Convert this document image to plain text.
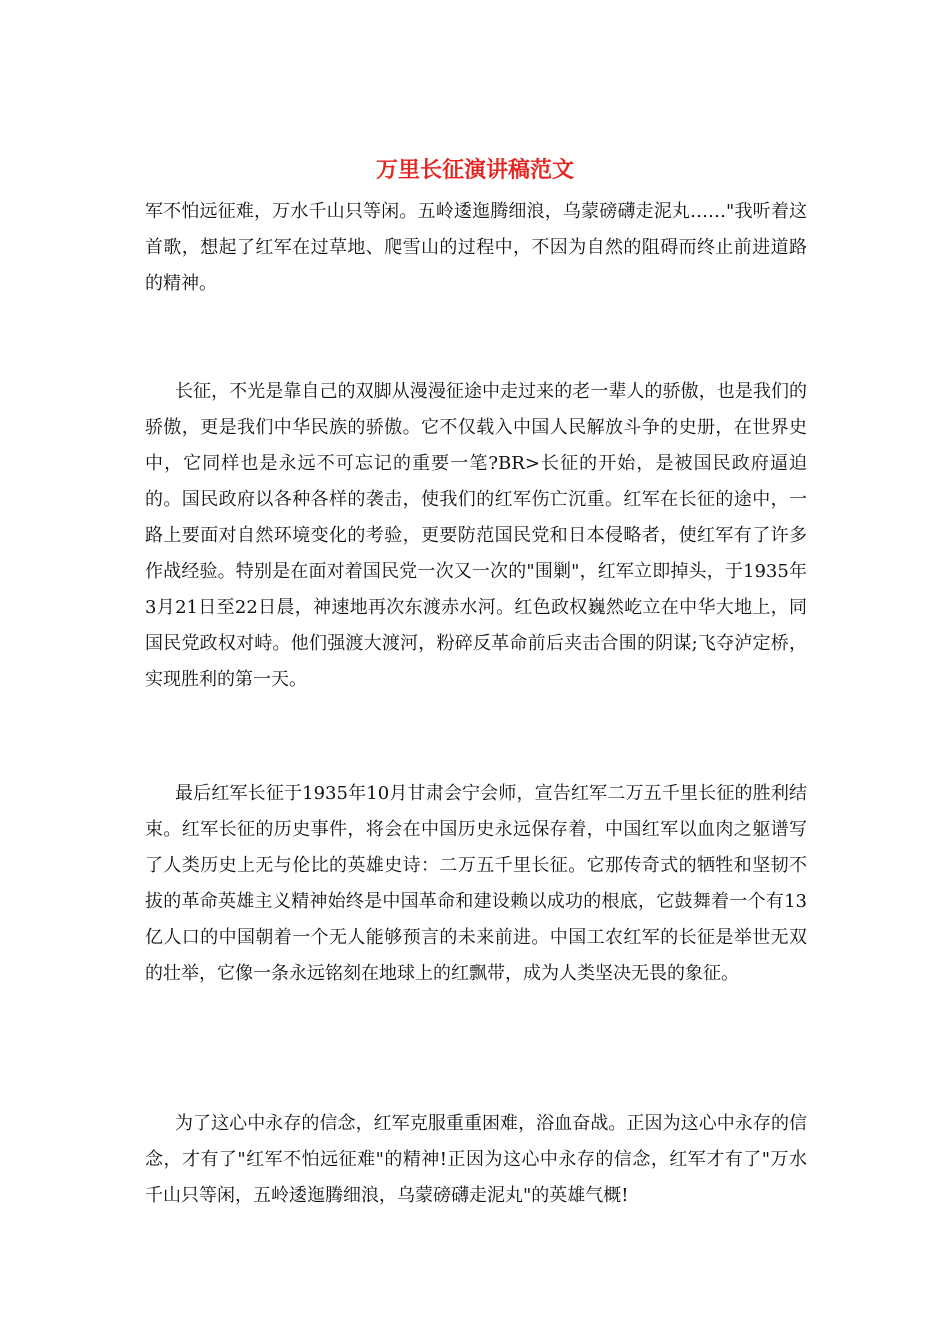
万里长征演讲稿范文

军不怕远征难，万水千山只等闲。五岭逶迤腾细浪，乌蒙磅礴走泥丸……"我听着这首歌，想起了红军在过草地、爬雪山的过程中，不因为自然的阻碍而终止前进道路的精神。

长征，不光是靠自己的双脚从漫漫征途中走过来的老一辈人的骄傲，也是我们的骄傲，更是我们中华民族的骄傲。它不仅载入中国人民解放斗争的史册，在世界史中，它同样也是永远不可忘记的重要一笔?BR>长征的开始，是被国民政府逼迫的。国民政府以各种各样的袭击，使我们的红军伤亡沉重。红军在长征的途中，一路上要面对自然环境变化的考验，更要防范国民党和日本侵略者，使红军有了许多作战经验。特别是在面对着国民党一次又一次的"围剿"，红军立即掉头，于1935年3月21日至22日晨，神速地再次东渡赤水河。红色政权巍然屹立在中华大地上，同国民党政权对峙。他们强渡大渡河，粉碎反革命前后夹击合围的阴谋;飞夺泸定桥，实现胜利的第一天。

最后红军长征于1935年10月甘肃会宁会师，宣告红军二万五千里长征的胜利结束。红军长征的历史事件，将会在中国历史永远保存着，中国红军以血肉之躯谱写了人类历史上无与伦比的英雄史诗：二万五千里长征。它那传奇式的牺牲和坚韧不拔的革命英雄主义精神始终是中国革命和建设赖以成功的根底，它鼓舞着一个有13亿人口的中国朝着一个无人能够预言的未来前进。中国工农红军的长征是举世无双的壮举，它像一条永远铭刻在地球上的红飘带，成为人类坚决无畏的象征。

为了这心中永存的信念，红军克服重重困难，浴血奋战。正因为这心中永存的信念，才有了"红军不怕远征难"的精神!正因为这心中永存的信念，红军才有了"万水千山只等闲，五岭逶迤腾细浪，乌蒙磅礴走泥丸"的英雄气概!
